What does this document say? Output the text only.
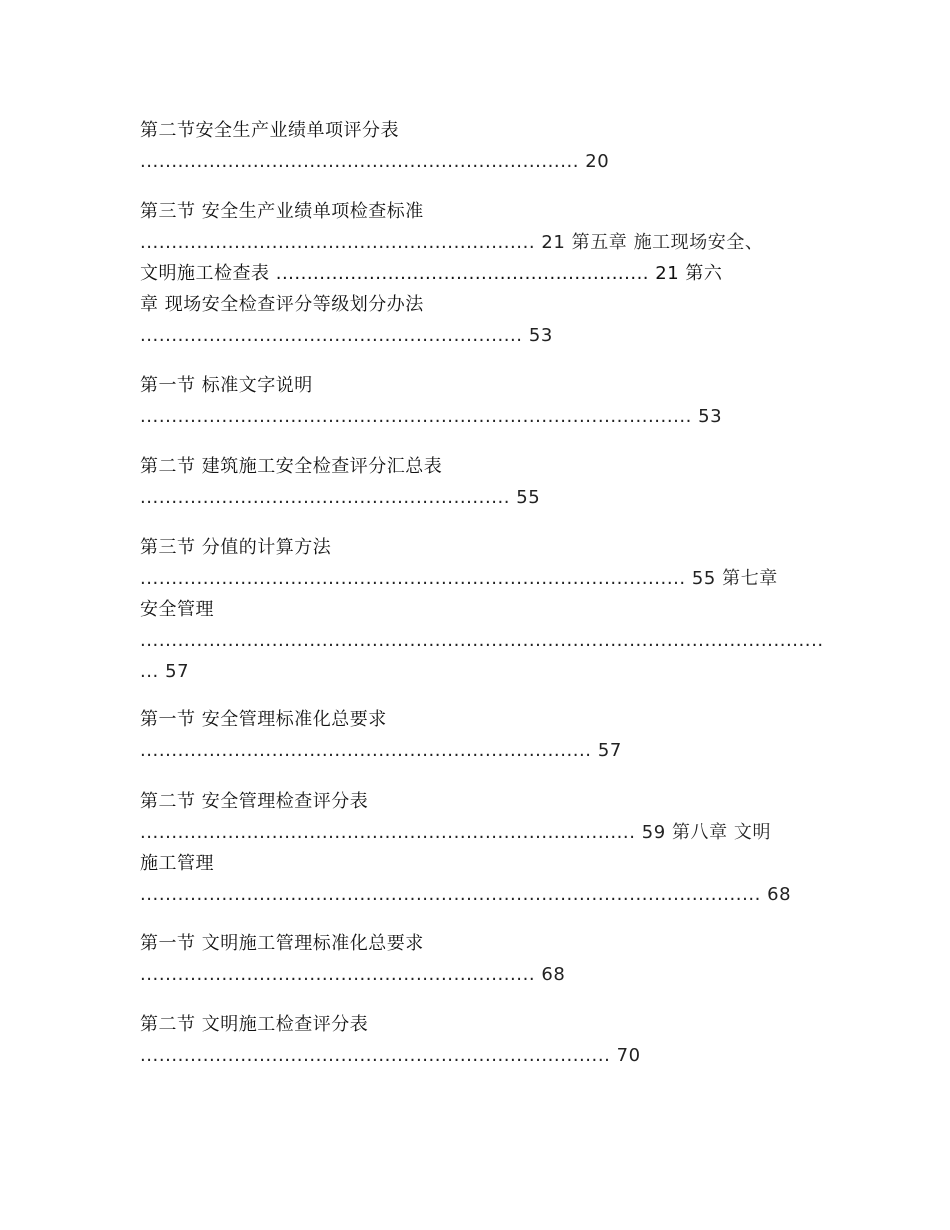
第二节安全生产业绩单项评分表
...................................................................... 20
第三节 安全生产业绩单项检查标准
............................................................... 21 第五章 施工现场安全、
文明施工检查表 ............................................................ 21 第六
章 现场安全检查评分等级划分办法
............................................................. 53
第一节 标准文字说明
........................................................................................ 53
第二节 建筑施工安全检查评分汇总表
........................................................... 55
第三节 分值的计算方法
....................................................................................... 55 第七章
安全管理
.............................................................................................................
... 57
第一节 安全管理标准化总要求
........................................................................ 57
第二节 安全管理检查评分表
............................................................................... 59 第八章 文明
施工管理
................................................................................................... 68
第一节 文明施工管理标准化总要求
............................................................... 68
第二节 文明施工检查评分表
........................................................................... 70
